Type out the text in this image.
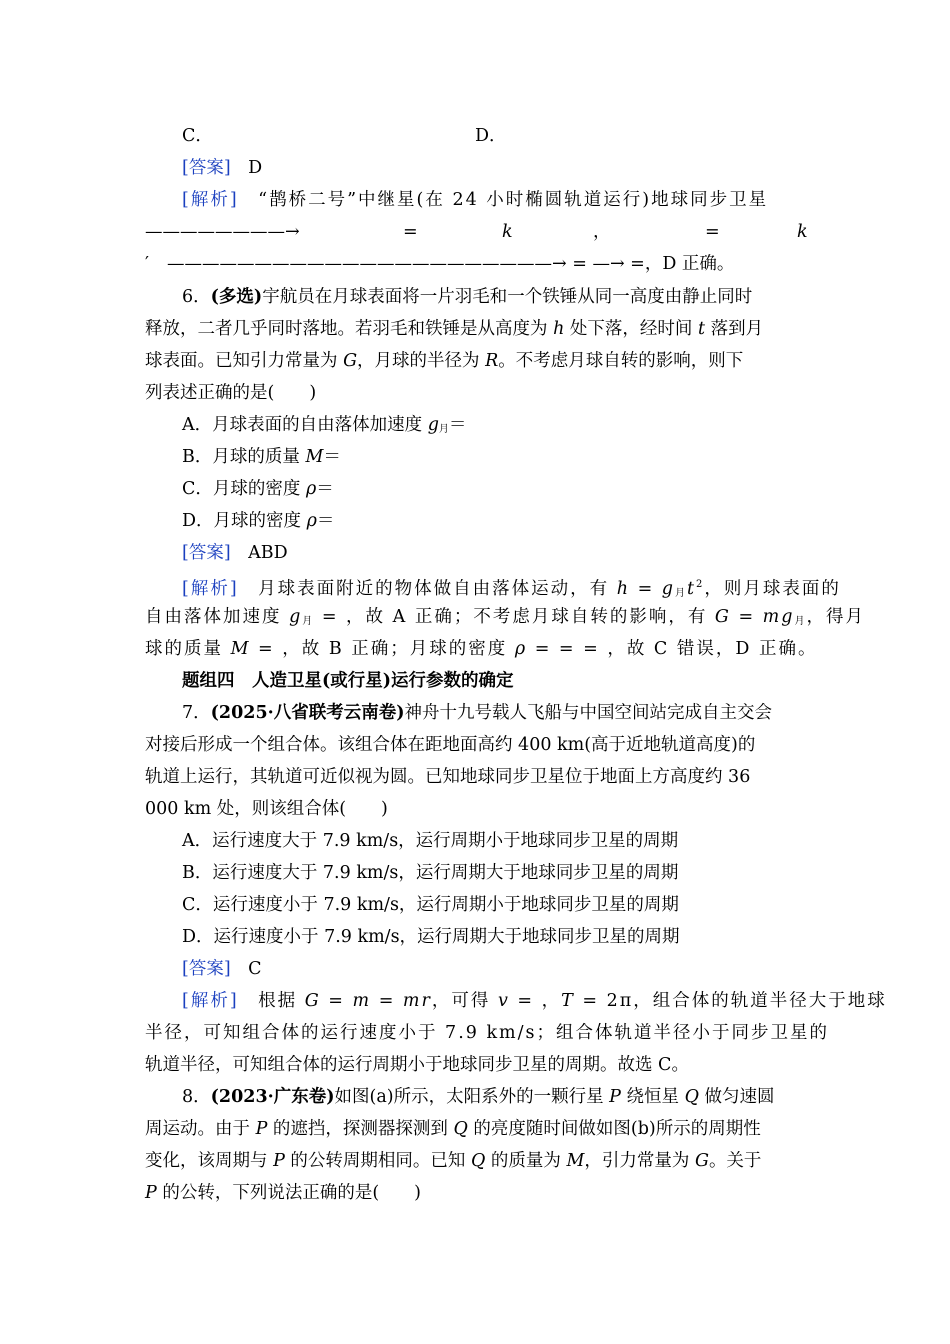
C．	D．
[答案]　 D
[解析]　 “鹊桥二号”中继星(在 24 小时椭圆轨道运行)地球同步卫星
————————→	=	k	，	=	k
′ ——————————————————————→ = —→ =，D 正确。
6．(多选)宇航员在月球表面将一片羽毛和一个铁锤从同一高度由静止同时
释放，二者几乎同时落地。若羽毛和铁锤是从高度为 h 处下落，经时间 t 落到月
球表面。已知引力常量为 G，月球的半径为 R。不考虑月球自转的影响，则下
列表述正确的是(　　)
A．月球表面的自由落体加速度 $g_月=$
B．月球的质量 M＝
C．月球的密度 ρ＝
D．月球的密度 ρ＝
[答案]　 ABD
[解析]　 月球表面附近的物体做自由落体运动，有 $h = g_月t^2$，则月球表面的
自由落体加速度 $g_月$ = ，故 A 正确；不考虑月球自转的影响，有 $G = mg_月$，得月
球的质量 M = ，故 B 正确；月球的密度 ρ = = = ，故 C 错误，D 正确。
题组四　人造卫星(或行星)运行参数的确定
7．(2025·八省联考云南卷)神舟十九号载人飞船与中国空间站完成自主交会
对接后形成一个组合体。该组合体在距地面高约 400 km(高于近地轨道高度)的
轨道上运行，其轨道可近似视为圆。已知地球同步卫星位于地面上方高度约 36
000 km 处，则该组合体(　　)
A．运行速度大于 7.9 km/s，运行周期小于地球同步卫星的周期
B．运行速度大于 7.9 km/s，运行周期大于地球同步卫星的周期
C．运行速度小于 7.9 km/s，运行周期小于地球同步卫星的周期
D．运行速度小于 7.9 km/s，运行周期大于地球同步卫星的周期
[答案]　 C
[解析]　 根据 G = m = mr，可得 v = ，T = 2π，组合体的轨道半径大于地球
半径，可知组合体的运行速度小于 7.9 km/s；组合体轨道半径小于同步卫星的
轨道半径，可知组合体的运行周期小于地球同步卫星的周期。故选 C。
8．(2023·广东卷)如图(a)所示，太阳系外的一颗行星 P 绕恒星 Q 做匀速圆
周运动。由于 P 的遮挡，探测器探测到 Q 的亮度随时间做如图(b)所示的周期性
变化，该周期与 P 的公转周期相同。已知 Q 的质量为 M，引力常量为 G。关于
P 的公转，下列说法正确的是(　　)
